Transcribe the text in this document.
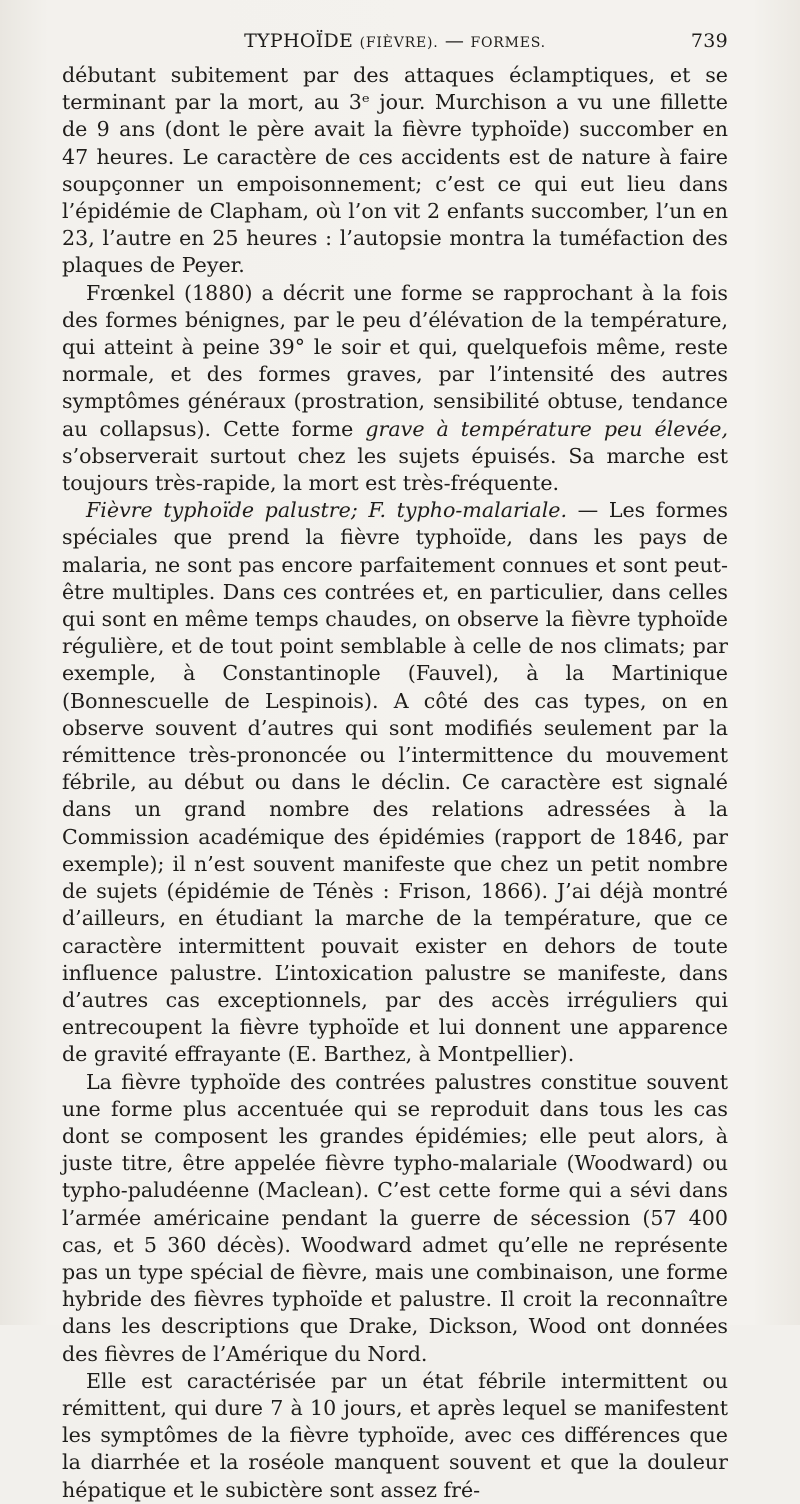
TYPHOÏDE (FIÈVRE). — FORMES.	739

débutant subitement par des attaques éclamptiques, et se terminant par la mort, au 3ᵉ jour. Murchison a vu une fillette de 9 ans (dont le père avait la fièvre typhoïde) succomber en 47 heures. Le caractère de ces accidents est de nature à faire soupçonner un empoisonnement; c’est ce qui eut lieu dans l’épidémie de Clapham, où l’on vit 2 enfants succomber, l’un en 23, l’autre en 25 heures : l’autopsie montra la tuméfaction des plaques de Peyer.

Frœnkel (1880) a décrit une forme se rapprochant à la fois des formes bénignes, par le peu d’élévation de la température, qui atteint à peine 39° le soir et qui, quelquefois même, reste normale, et des formes graves, par l’intensité des autres symptômes généraux (prostration, sensibilité obtuse, tendance au collapsus). Cette forme grave à température peu élevée, s’observerait surtout chez les sujets épuisés. Sa marche est toujours très-rapide, la mort est très-fréquente.

Fièvre typhoïde palustre; F. typho-malariale. — Les formes spéciales que prend la fièvre typhoïde, dans les pays de malaria, ne sont pas encore parfaitement connues et sont peut-être multiples. Dans ces contrées et, en particulier, dans celles qui sont en même temps chaudes, on observe la fièvre typhoïde régulière, et de tout point semblable à celle de nos climats; par exemple, à Constantinople (Fauvel), à la Martinique (Bonnescuelle de Lespinois). A côté des cas types, on en observe souvent d’autres qui sont modifiés seulement par la rémittence très-prononcée ou l’intermittence du mouvement fébrile, au début ou dans le déclin. Ce caractère est signalé dans un grand nombre des relations adressées à la Commission académique des épidémies (rapport de 1846, par exemple); il n’est souvent manifeste que chez un petit nombre de sujets (épidémie de Ténès : Frison, 1866). J’ai déjà montré d’ailleurs, en étudiant la marche de la température, que ce caractère intermittent pouvait exister en dehors de toute influence palustre. L’intoxication palustre se manifeste, dans d’autres cas exceptionnels, par des accès irréguliers qui entrecoupent la fièvre typhoïde et lui donnent une apparence de gravité effrayante (E. Barthez, à Montpellier).

La fièvre typhoïde des contrées palustres constitue souvent une forme plus accentuée qui se reproduit dans tous les cas dont se composent les grandes épidémies; elle peut alors, à juste titre, être appelée fièvre typho-malariale (Woodward) ou typho-paludéenne (Maclean). C’est cette forme qui a sévi dans l’armée américaine pendant la guerre de sécession (57 400 cas, et 5 360 décès). Woodward admet qu’elle ne représente pas un type spécial de fièvre, mais une combinaison, une forme hybride des fièvres typhoïde et palustre. Il croit la reconnaître dans les descriptions que Drake, Dickson, Wood ont données des fièvres de l’Amérique du Nord.

Elle est caractérisée par un état fébrile intermittent ou rémittent, qui dure 7 à 10 jours, et après lequel se manifestent les symptômes de la fièvre typhoïde, avec ces différences que la diarrhée et la roséole manquent souvent et que la douleur hépatique et le subictère sont assez fré-
